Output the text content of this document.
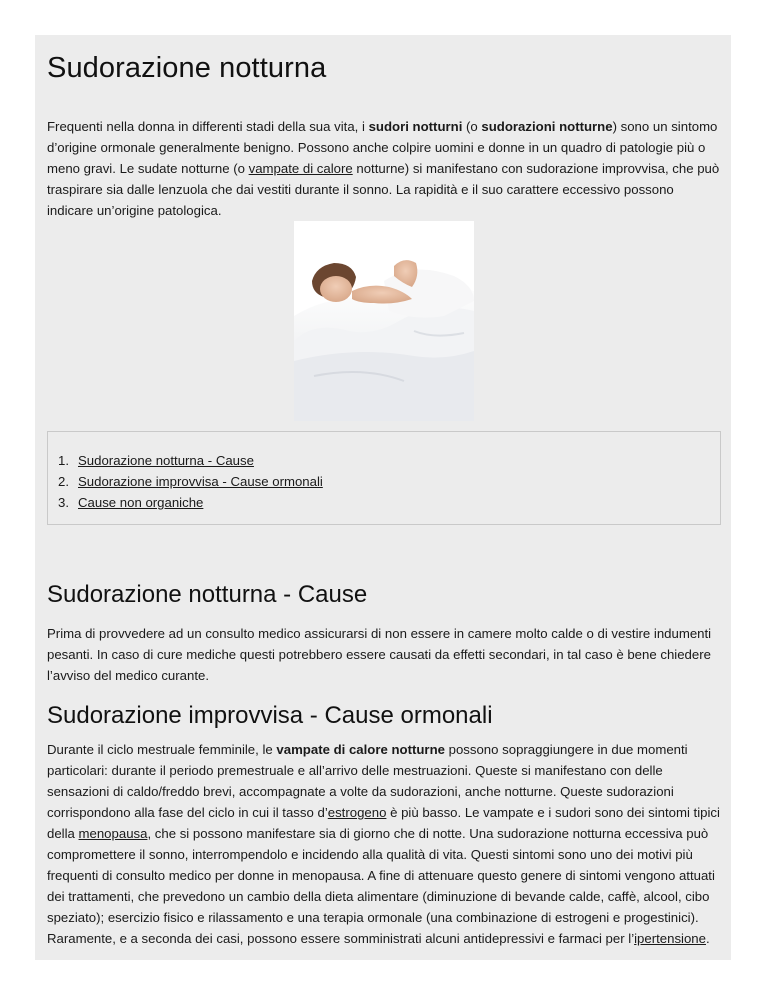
Sudorazione notturna

Frequenti nella donna in differenti stadi della sua vita, i sudori notturni (o sudorazioni notturne) sono un sintomo d’origine ormonale generalmente benigno. Possono anche colpire uomini e donne in un quadro di patologie più o meno gravi. Le sudate notturne (o vampate di calore notturne) si manifestano con sudorazione improvvisa, che può traspirare sia dalle lenzuola che dai vestiti durante il sonno. La rapidità e il suo carattere eccessivo possono indicare un’origine patologica.

1. Sudorazione notturna - Cause
2. Sudorazione improvvisa - Cause ormonali
3. Cause non organiche
Sudorazione notturna - Cause

Prima di provvedere ad un consulto medico assicurarsi di non essere in camere molto calde o di vestire indumenti pesanti. In caso di cure mediche questi potrebbero essere causati da effetti secondari, in tal caso è bene chiedere l’avviso del medico curante.

Sudorazione improvvisa - Cause ormonali

Durante il ciclo mestruale femminile, le vampate di calore notturne possono sopraggiungere in due momenti particolari: durante il periodo premestruale e all’arrivo delle mestruazioni. Queste si manifestano con delle sensazioni di caldo/freddo brevi, accompagnate a volte da sudorazioni, anche notturne. Queste sudorazioni corrispondono alla fase del ciclo in cui il tasso d’estrogeno è più basso. Le vampate e i sudori sono dei sintomi tipici della menopausa, che si possono manifestare sia di giorno che di notte. Una sudorazione notturna eccessiva può compromettere il sonno, interrompendolo e incidendo alla qualità di vita. Questi sintomi sono uno dei motivi più frequenti di consulto medico per donne in menopausa. A fine di attenuare questo genere di sintomi vengono attuati dei trattamenti, che prevedono un cambio della dieta alimentare (diminuzione di bevande calde, caffè, alcool, cibo speziato); esercizio fisico e rilassamento e una terapia ormonale (una combinazione di estrogeni e progestinici). Raramente, e a seconda dei casi, possono essere somministrati alcuni antidepressivi e farmaci per l’ipertensione.
